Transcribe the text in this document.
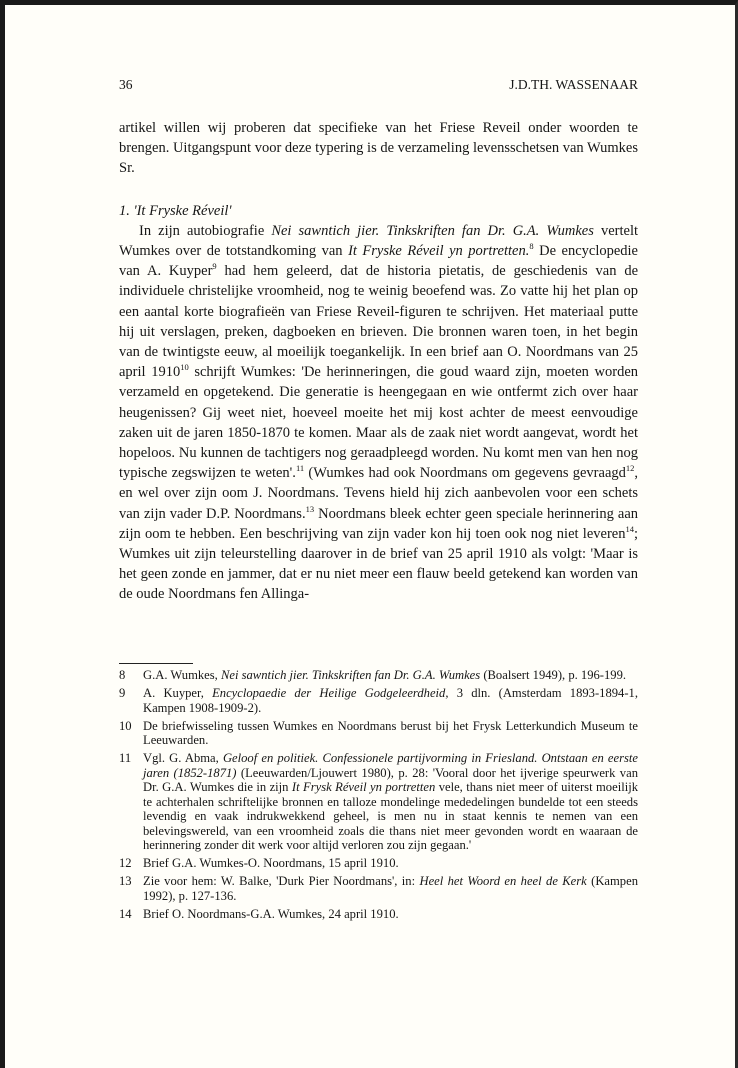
36	J.D.TH. WASSENAAR

artikel willen wij proberen dat specifieke van het Friese Reveil onder woorden te brengen. Uitgangspunt voor deze typering is de verzameling levensschetsen van Wumkes Sr.

1. 'It Fryske Réveil'

In zijn autobiografie Nei sawntich jier. Tinkskriften fan Dr. G.A. Wumkes vertelt Wumkes over de totstandkoming van It Fryske Réveil yn portretten.$^8$ De encyclopedie van A. Kuyper$^9$ had hem geleerd, dat de historia pietatis, de geschiedenis van de individuele christelijke vroomheid, nog te weinig beoefend was. Zo vatte hij het plan op een aantal korte biografieën van Friese Reveil-figuren te schrijven. Het materiaal putte hij uit verslagen, preken, dagboeken en brieven. Die bronnen waren toen, in het begin van de twintigste eeuw, al moeilijk toegankelijk. In een brief aan O. Noordmans van 25 april 1910$^{10}$ schrijft Wumkes: 'De herinneringen, die goud waard zijn, moeten worden verzameld en opgetekend. Die generatie is heengegaan en wie ontfermt zich over haar heugenissen? Gij weet niet, hoeveel moeite het mij kost achter de meest eenvoudige zaken uit de jaren 1850-1870 te komen. Maar als de zaak niet wordt aangevat, wordt het hopeloos. Nu kunnen de tachtigers nog geraadpleegd worden. Nu komt men van hen nog typische zegswijzen te weten'.$^{11}$ (Wumkes had ook Noordmans om gegevens gevraagd$^{12}$, en wel over zijn oom J. Noordmans. Tevens hield hij zich aanbevolen voor een schets van zijn vader D.P. Noordmans.$^{13}$ Noordmans bleek echter geen speciale herinnering aan zijn oom te hebben. Een beschrijving van zijn vader kon hij toen ook nog niet leveren$^{14}$; Wumkes uit zijn teleurstelling daarover in de brief van 25 april 1910 als volgt: 'Maar is het geen zonde en jammer, dat er nu niet meer een flauw beeld getekend kan worden van de oude Noordmans fen Allinga-

8	G.A. Wumkes, Nei sawntich jier. Tinkskriften fan Dr. G.A. Wumkes (Boalsert 1949), p. 196-199.
9	A. Kuyper, Encyclopaedie der Heilige Godgeleerdheid, 3 dln. (Amsterdam 1893-1894-1, Kampen 1908-1909-2).
10 De briefwisseling tussen Wumkes en Noordmans berust bij het Frysk Letterkundich Museum te Leeuwarden.
11 Vgl. G. Abma, Geloof en politiek. Confessionele partijvorming in Friesland. Ontstaan en eerste jaren (1852-1871) (Leeuwarden/Ljouwert 1980), p. 28: 'Vooral door het ijverige speurwerk van Dr. G.A. Wumkes die in zijn It Frysk Réveil yn portretten vele, thans niet meer of uiterst moeilijk te achterhalen schriftelijke bronnen en talloze mondelinge mededelingen bundelde tot een steeds levendig en vaak indrukwekkend geheel, is men nu in staat kennis te nemen van een belevingswereld, van een vroomheid zoals die thans niet meer gevonden wordt en waaraan de herinnering zonder dit werk voor altijd verloren zou zijn gegaan.'
12 Brief G.A. Wumkes-O. Noordmans, 15 april 1910.
13 Zie voor hem: W. Balke, 'Durk Pier Noordmans', in: Heel het Woord en heel de Kerk (Kampen 1992), p. 127-136.
14 Brief O. Noordmans-G.A. Wumkes, 24 april 1910.
